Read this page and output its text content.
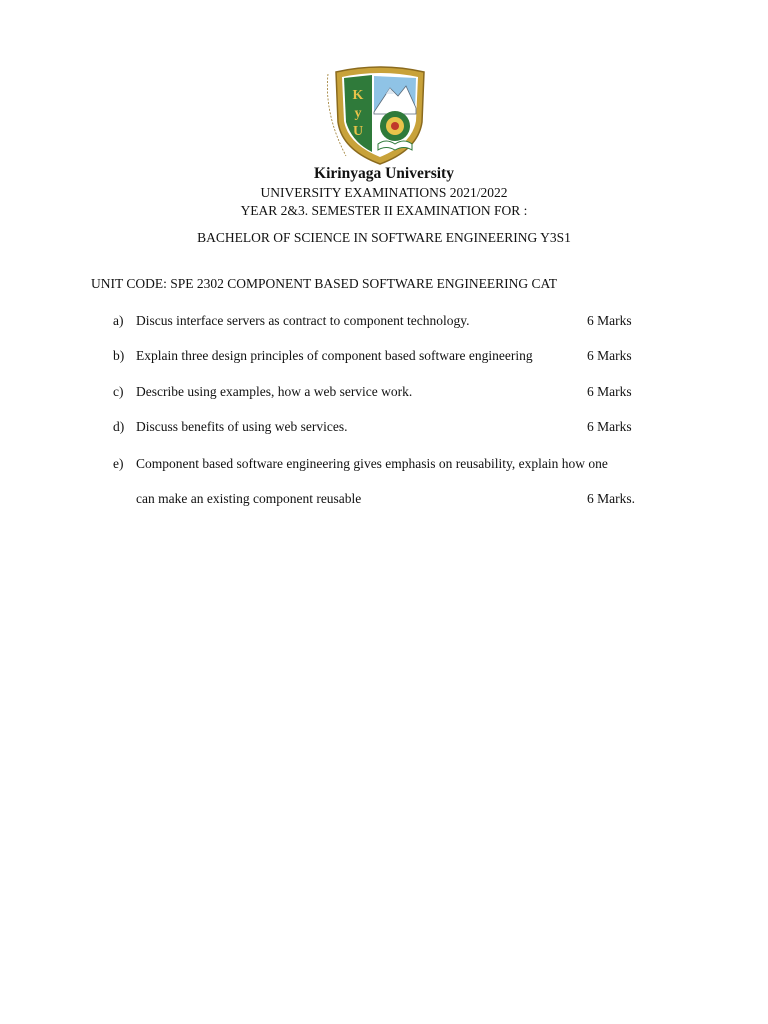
K
y
U
Kirinyaga University
UNIVERSITY EXAMINATIONS 2021/2022
YEAR 2&3. SEMESTER II EXAMINATION FOR :
BACHELOR OF SCIENCE IN SOFTWARE ENGINEERING Y3S1
UNIT CODE: SPE 2302 COMPONENT BASED SOFTWARE ENGINEERING CAT
a) Discus interface servers as contract to component technology.	6 Marks
b) Explain three design principles of component based software engineering	6 Marks
c) Describe using examples, how a web service work.	6 Marks
d) Discuss benefits of using web services.	6 Marks
e) Component based software engineering gives emphasis on reusability, explain how one
can make an existing component reusable	6 Marks.
